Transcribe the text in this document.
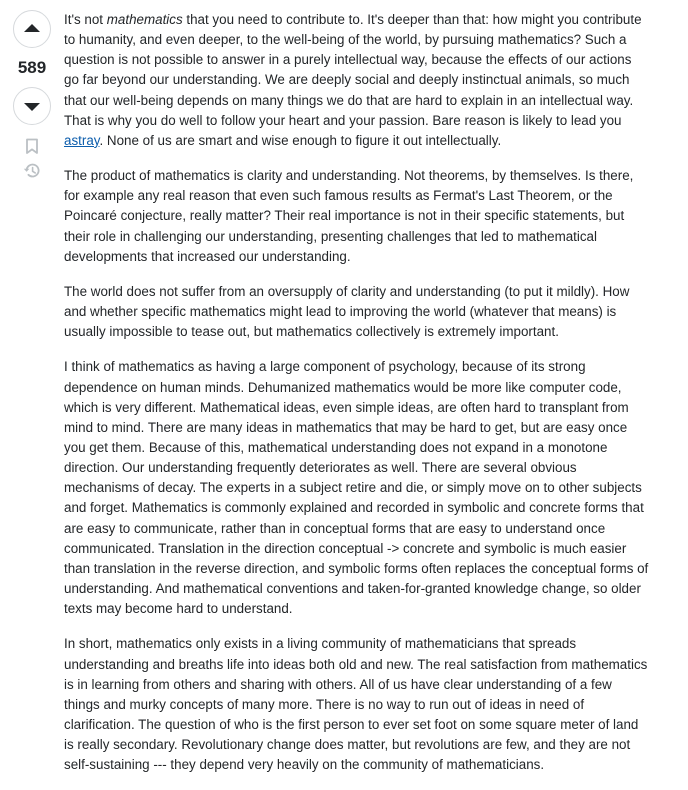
589

It's not mathematics that you need to contribute to. It's deeper than that: how might you contribute to humanity, and even deeper, to the well-being of the world, by pursuing mathematics? Such a question is not possible to answer in a purely intellectual way, because the effects of our actions go far beyond our understanding. We are deeply social and deeply instinctual animals, so much that our well-being depends on many things we do that are hard to explain in an intellectual way. That is why you do well to follow your heart and your passion. Bare reason is likely to lead you astray. None of us are smart and wise enough to figure it out intellectually.

The product of mathematics is clarity and understanding. Not theorems, by themselves. Is there, for example any real reason that even such famous results as Fermat's Last Theorem, or the Poincaré conjecture, really matter? Their real importance is not in their specific statements, but their role in challenging our understanding, presenting challenges that led to mathematical developments that increased our understanding.

The world does not suffer from an oversupply of clarity and understanding (to put it mildly). How and whether specific mathematics might lead to improving the world (whatever that means) is usually impossible to tease out, but mathematics collectively is extremely important.

I think of mathematics as having a large component of psychology, because of its strong dependence on human minds. Dehumanized mathematics would be more like computer code, which is very different. Mathematical ideas, even simple ideas, are often hard to transplant from mind to mind. There are many ideas in mathematics that may be hard to get, but are easy once you get them. Because of this, mathematical understanding does not expand in a monotone direction. Our understanding frequently deteriorates as well. There are several obvious mechanisms of decay. The experts in a subject retire and die, or simply move on to other subjects and forget. Mathematics is commonly explained and recorded in symbolic and concrete forms that are easy to communicate, rather than in conceptual forms that are easy to understand once communicated. Translation in the direction conceptual -> concrete and symbolic is much easier than translation in the reverse direction, and symbolic forms often replaces the conceptual forms of understanding. And mathematical conventions and taken-for-granted knowledge change, so older texts may become hard to understand.

In short, mathematics only exists in a living community of mathematicians that spreads understanding and breaths life into ideas both old and new. The real satisfaction from mathematics is in learning from others and sharing with others. All of us have clear understanding of a few things and murky concepts of many more. There is no way to run out of ideas in need of clarification. The question of who is the first person to ever set foot on some square meter of land is really secondary. Revolutionary change does matter, but revolutions are few, and they are not self-sustaining --- they depend very heavily on the community of mathematicians.
